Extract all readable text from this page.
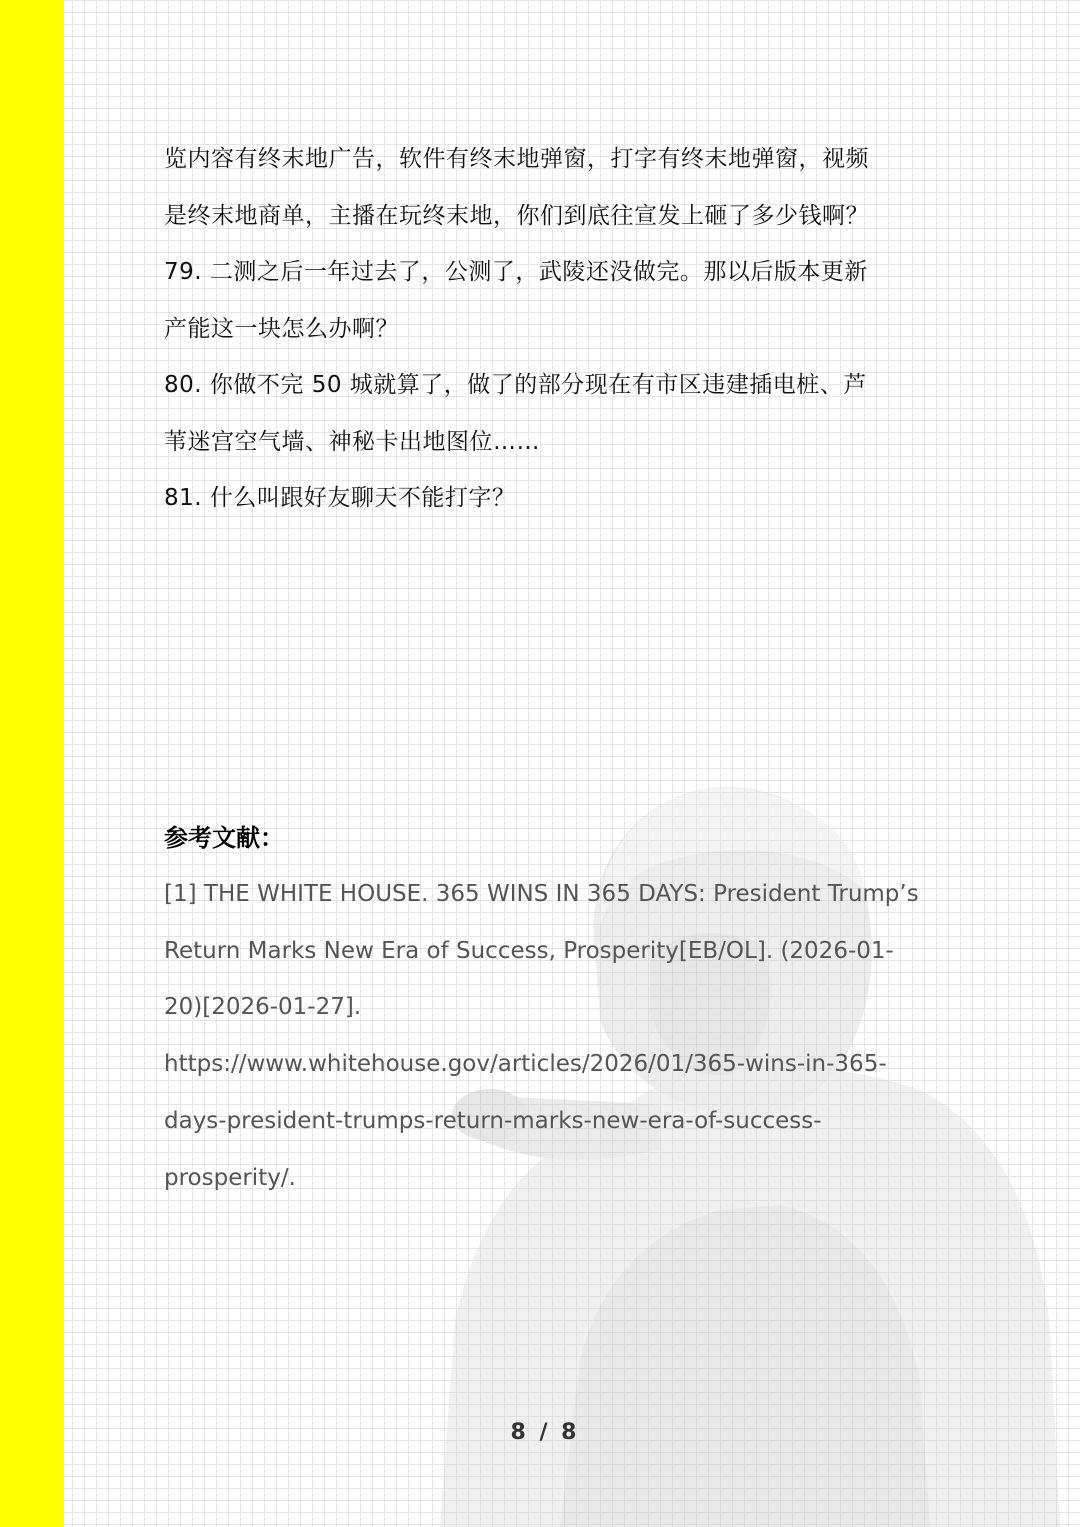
览内容有终末地广告，软件有终末地弹窗，打字有终末地弹窗，视频
是终末地商单，主播在玩终末地，你们到底往宣发上砸了多少钱啊？
79. 二测之后一年过去了，公测了，武陵还没做完。那以后版本更新
产能这一块怎么办啊？
80. 你做不完 50 城就算了，做了的部分现在有市区违建插电桩、芦
苇迷宫空气墙、神秘卡出地图位……
81. 什么叫跟好友聊天不能打字？
参考文献：
[1] THE WHITE HOUSE. 365 WINS IN 365 DAYS: President Trump’s
Return Marks New Era of Success, Prosperity[EB/OL]. (2026-01-
20)[2026-01-27].
https://www.whitehouse.gov/articles/2026/01/365-wins-in-365-
days-president-trumps-return-marks-new-era-of-success-
prosperity/.
8 / 8
